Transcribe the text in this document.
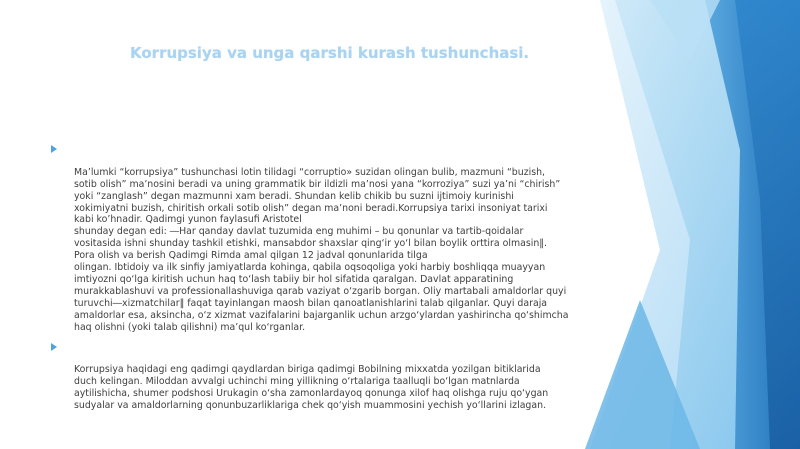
Korrupsiya va unga qarshi kurash tushunchasi.

Ma’lumki “korrupsiya” tushunchasi lotin tilidagi “corruptio» suzidan olingan bulib, mazmuni “buzish,
sotib olish” ma’nosini beradi va uning grammatik bir ildizli ma’nosi yana “korroziya” suzi ya’ni “chirish”
yoki “zanglash” degan mazmunni xam beradi. Shundan kelib chikib bu suzni ijtimoiy kurinishi
xokimiyatni buzish, chiritish orkali sotib olish” degan ma’noni beradi.Korrupsiya tarixi insoniyat tarixi
kabi ko’hnadir. Qadimgi yunon faylasufi Aristotel
shunday degan edi: ―Har qanday davlat tuzumida eng muhimi – bu qonunlar va tartib-qoidalar
vositasida ishni shunday tashkil etishki, mansabdor shaxslar qing‘ir yo‘l bilan boylik orttira olmasin‖.
Pora olish va berish Qadimgi Rimda amal qilgan 12 jadval qonunlarida tilga
olingan. Ibtidoiy va ilk sinfiy jamiyatlarda kohinga, qabila oqsoqoliga yoki harbiy boshliqqa muayyan
imtiyozni qo‘lga kiritish uchun haq to‘lash tabiiy bir hol sifatida qaralgan. Davlat apparatining
murakkablashuvi va professionallashuviga qarab vaziyat o‘zgarib borgan. Oliy martabali amaldorlar quyi
turuvchi―xizmatchilar‖ faqat tayinlangan maosh bilan qanoatlanishlarini talab qilganlar. Quyi daraja
amaldorlar esa, aksincha, o‘z xizmat vazifalarini bajarganlik uchun arzgo‘ylardan yashirincha qo‘shimcha
haq olishni (yoki talab qilishni) ma’qul ko‘rganlar.

Korrupsiya haqidagi eng qadimgi qaydlardan biriga qadimgi Bobilning mixxatda yozilgan bitiklarida
duch kelingan. Miloddan avvalgi uchinchi ming yillikning o‘rtalariga taalluqli bo‘lgan matnlarda
aytilishicha, shumer podshosi Urukagin o‘sha zamonlardayoq qonunga xilof haq olishga ruju qo‘ygan
sudyalar va amaldorlarning qonunbuzarliklariga chek qo‘yish muammosini yechish yo‘llarini izlagan.
